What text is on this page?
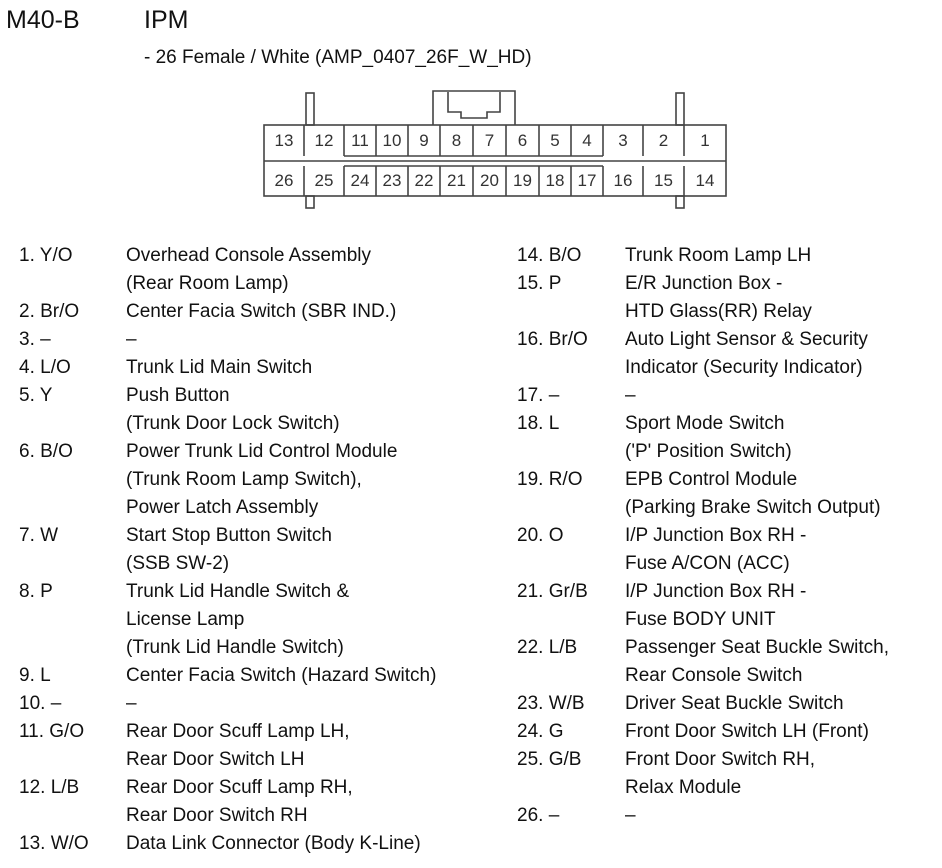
M40-B	IPM
- 26 Female / White (AMP_0407_26F_W_HD)
13 12 11 10 9 8 7 6 5 4 3 2 1
26 25 24 23 22 21 20 19 18 17 16 15 14
1. Y/O	Overhead Console Assembly
(Rear Room Lamp)
2. Br/O	Center Facia Switch (SBR IND.)
3. –	–
4. L/O	Trunk Lid Main Switch
5. Y	Push Button
(Trunk Door Lock Switch)
6. B/O	Power Trunk Lid Control Module
(Trunk Room Lamp Switch),
Power Latch Assembly
7. W	Start Stop Button Switch
(SSB SW-2)
8. P	Trunk Lid Handle Switch &
License Lamp
(Trunk Lid Handle Switch)
9. L	Center Facia Switch (Hazard Switch)
10. –	–
11. G/O	Rear Door Scuff Lamp LH,
Rear Door Switch LH
12. L/B	Rear Door Scuff Lamp RH,
Rear Door Switch RH
13. W/O	Data Link Connector (Body K-Line)
14. B/O	Trunk Room Lamp LH
15. P	E/R Junction Box -
HTD Glass(RR) Relay
16. Br/O	Auto Light Sensor & Security
Indicator (Security Indicator)
17. –	–
18. L	Sport Mode Switch
('P' Position Switch)
19. R/O	EPB Control Module
(Parking Brake Switch Output)
20. O	I/P Junction Box RH -
Fuse A/CON (ACC)
21. Gr/B	I/P Junction Box RH -
Fuse BODY UNIT
22. L/B	Passenger Seat Buckle Switch,
Rear Console Switch
23. W/B	Driver Seat Buckle Switch
24. G	Front Door Switch LH (Front)
25. G/B	Front Door Switch RH,
Relax Module
26. –	–
